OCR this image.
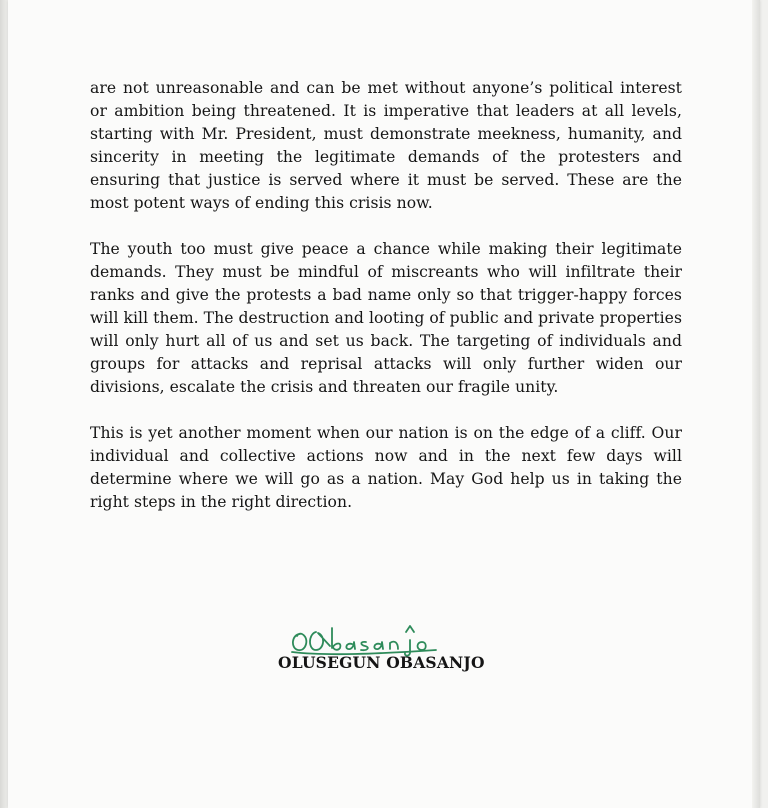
are not unreasonable and can be met without anyone’s political interest or ambition being threatened. It is imperative that leaders at all levels, starting with Mr. President, must demonstrate meekness, humanity, and sincerity in meeting the legitimate demands of the protesters and ensuring that justice is served where it must be served. These are the most potent ways of ending this crisis now.

The youth too must give peace a chance while making their legitimate demands. They must be mindful of miscreants who will infiltrate their ranks and give the protests a bad name only so that trigger-happy forces will kill them. The destruction and looting of public and private properties will only hurt all of us and set us back. The targeting of individuals and groups for attacks and reprisal attacks will only further widen our divisions, escalate the crisis and threaten our fragile unity.

This is yet another moment when our nation is on the edge of a cliff. Our individual and collective actions now and in the next few days will determine where we will go as a nation. May God help us in taking the right steps in the right direction.

OLUSEGUN OBASANJO
